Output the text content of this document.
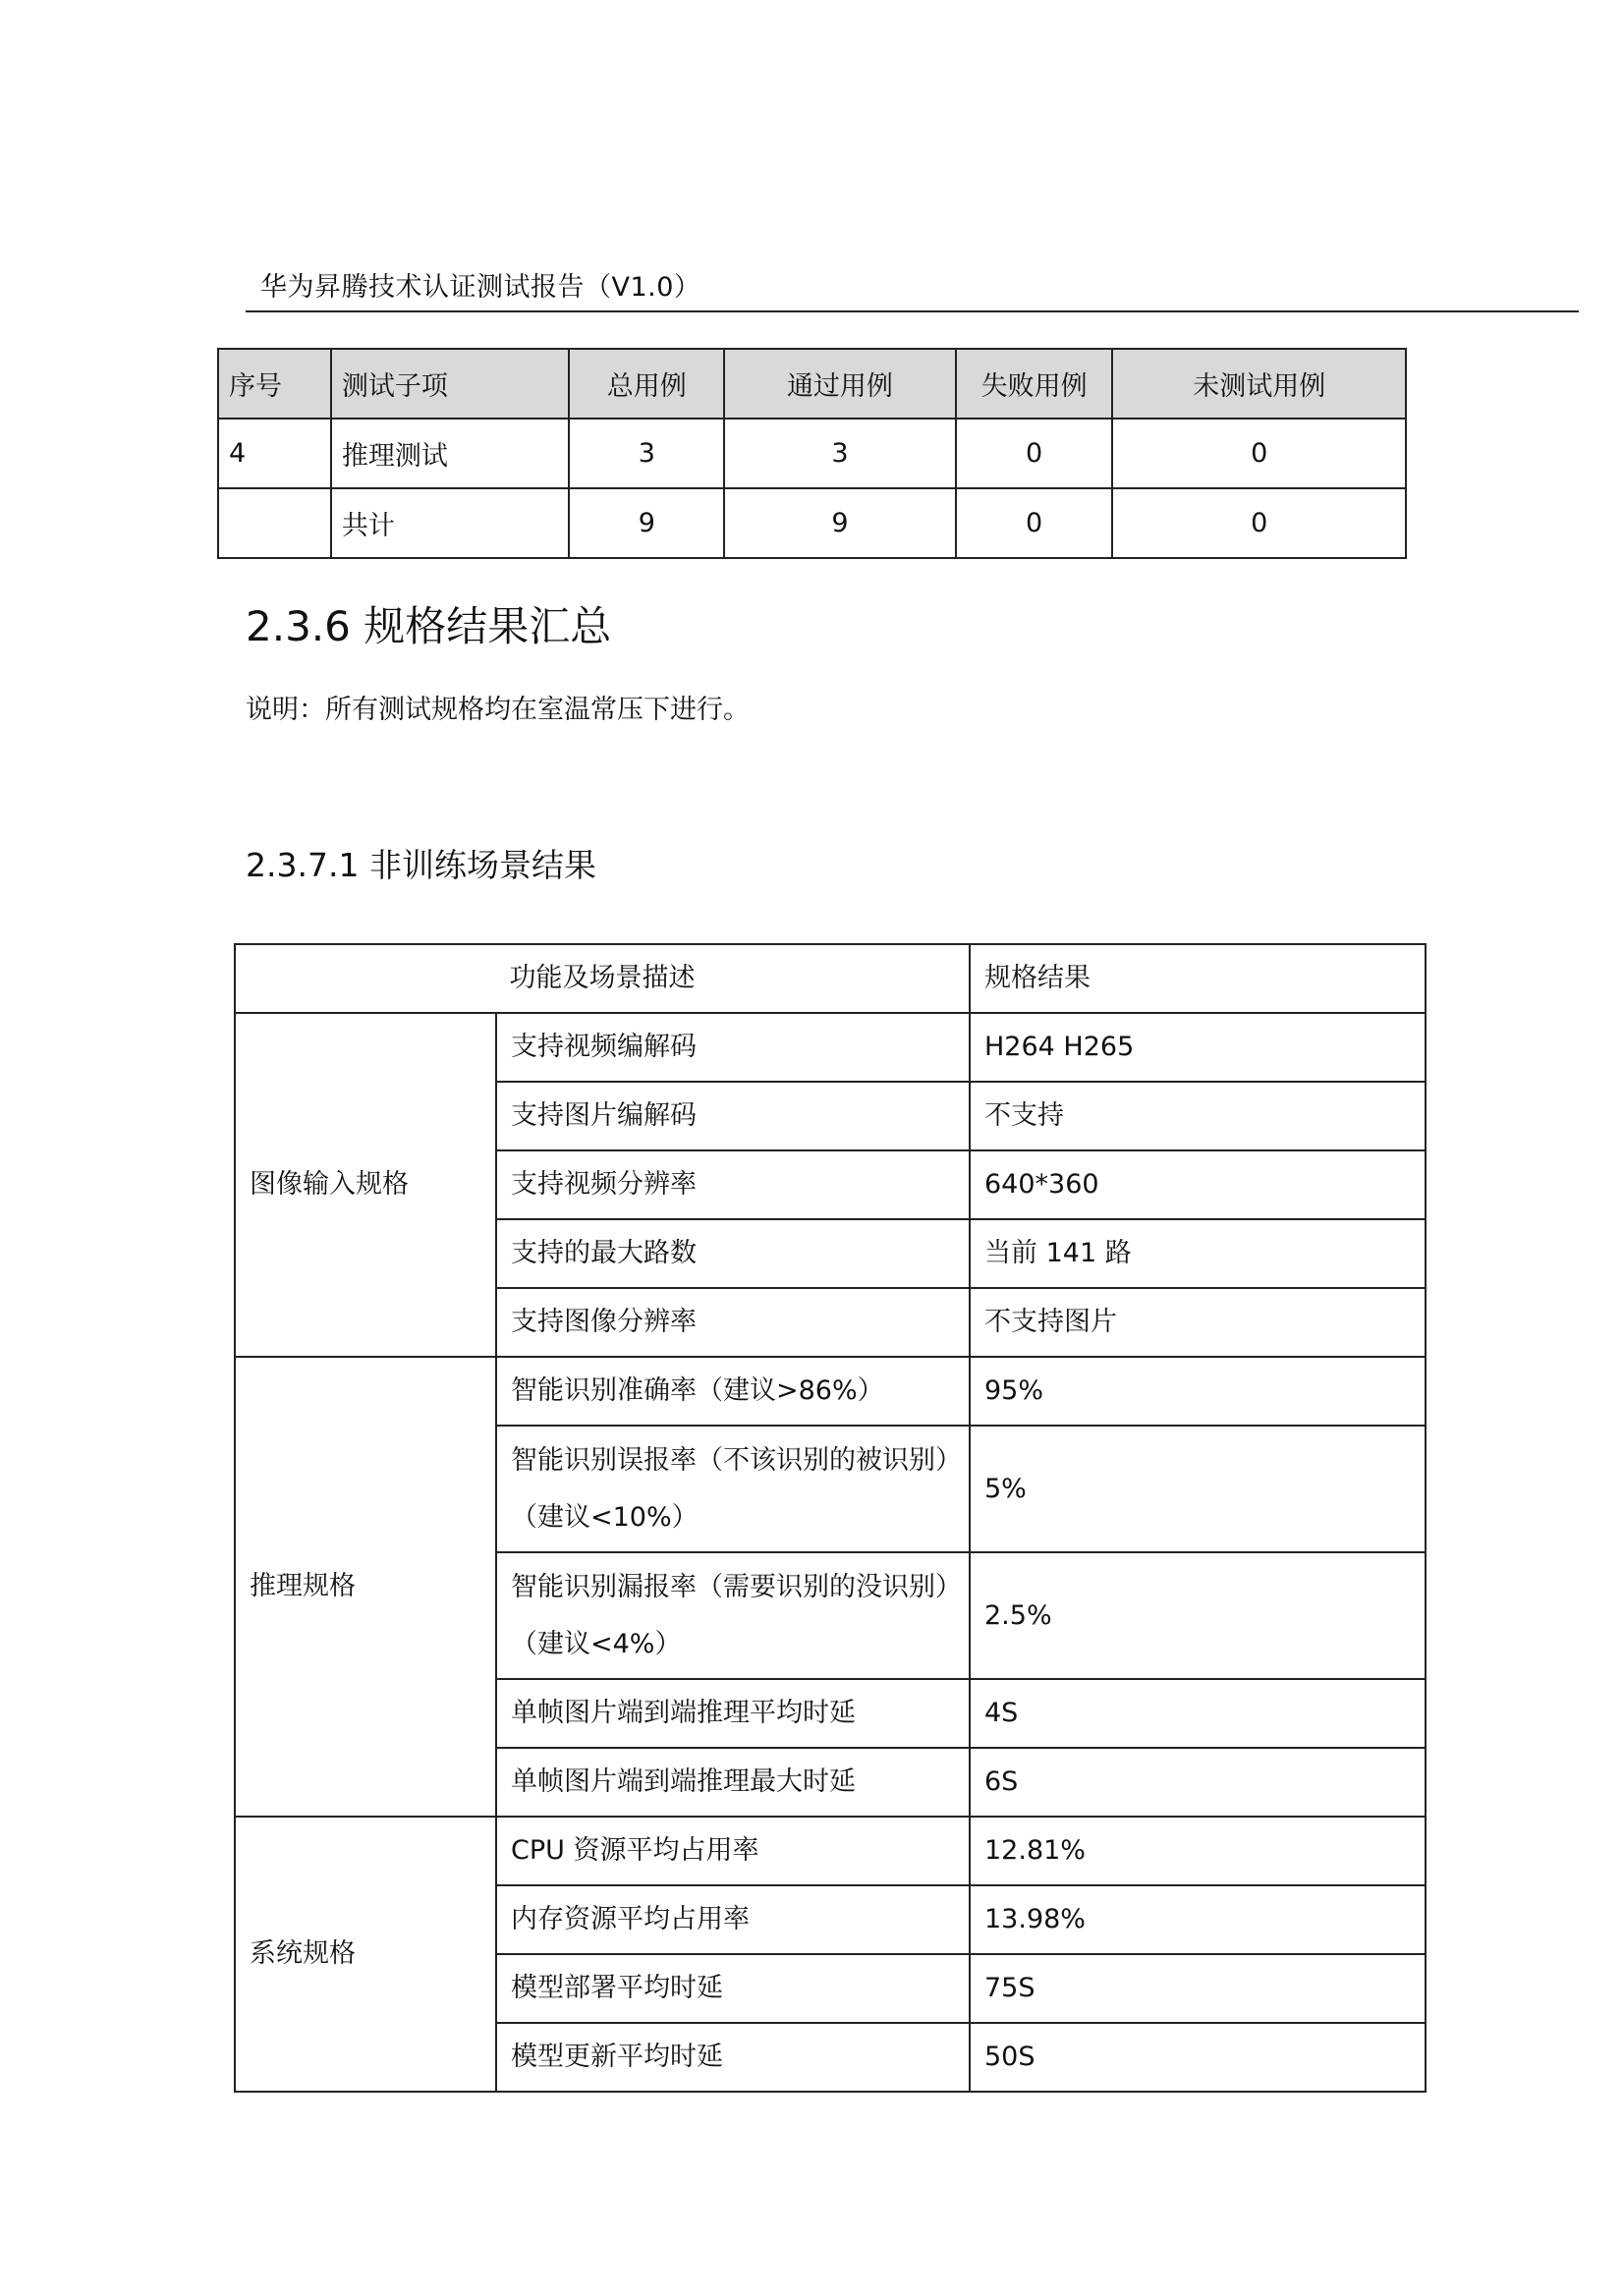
华为昇腾技术认证测试报告（V1.0）
序号	测试子项	总用例	通过用例	失败用例	未测试用例
4	推理测试	3	3	0	0
	共计	9	9	0	0
2.3.6 规格结果汇总
说明：所有测试规格均在室温常压下进行。
2.3.7.1 非训练场景结果
功能及场景描述		规格结果
图像输入规格	支持视频编解码	H264 H265
	支持图片编解码	不支持
	支持视频分辨率	640*360
	支持的最大路数	当前 141 路
	支持图像分辨率	不支持图片
推理规格	智能识别准确率（建议>86%）	95%

	智能识别误报率（不该识别的被识别）
（建议<10%）	5%

	智能识别漏报率（需要识别的没识别）
（建议<4%）	2.5%
	单帧图片端到端推理平均时延	4S
	单帧图片端到端推理最大时延	6S
系统规格	CPU 资源平均占用率	12.81%
	内存资源平均占用率	13.98%
	模型部署平均时延	75S
	模型更新平均时延	50S
